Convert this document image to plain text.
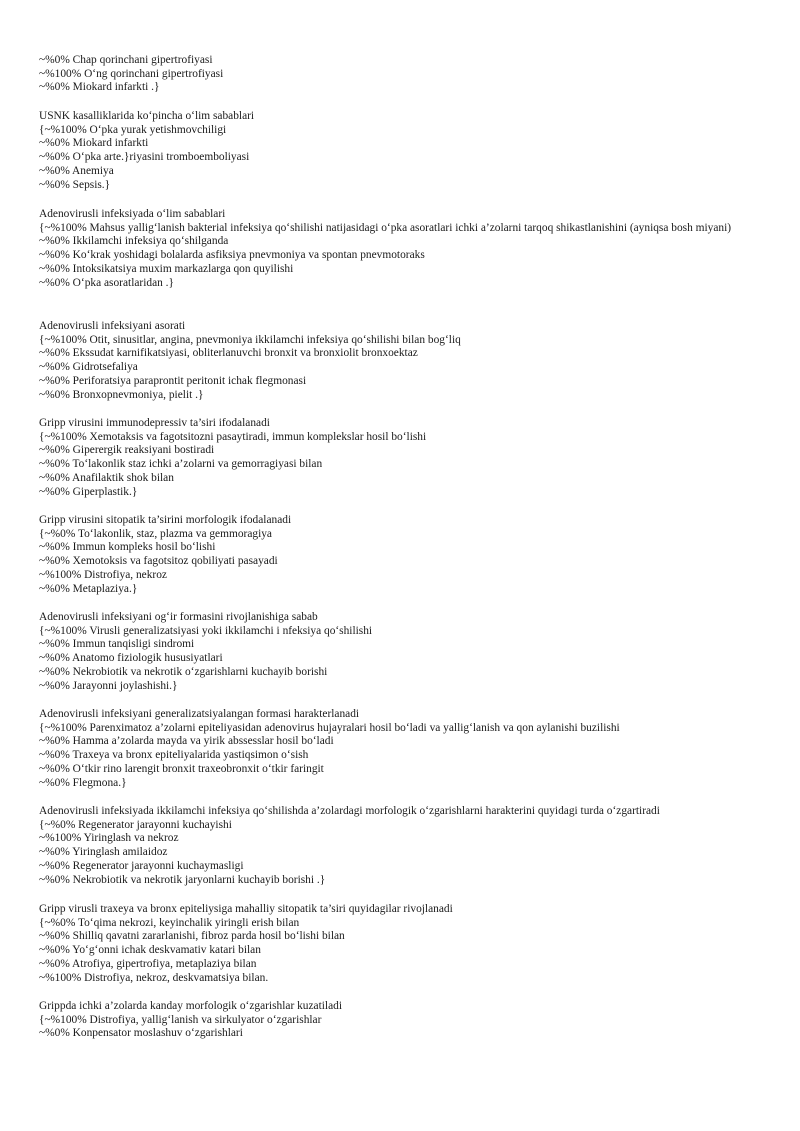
~%0% Chap qorinchani gipertrofiyasi
~%100% O‘ng qorinchani gipertrofiyasi
~%0% Miokard infarkti .}
USNK kasalliklarida ko‘pincha o‘lim sabablari
{~%100% O‘pka yurak yetishmovchiligi
~%0% Miokard infarkti
~%0% O‘pka arte.}riyasini tromboemboliyasi
~%0% Anemiya
~%0% Sepsis.}
Adenovirusli infeksiyada o‘lim sabablari
{~%100% Mahsus yallig‘lanish bakterial infeksiya qo‘shilishi natijasidagi o‘pka asoratlari ichki a’zolarni tarqoq shikastlanishini (ayniqsa bosh miyani)
~%0% Ikkilamchi infeksiya qo‘shilganda
~%0% Ko‘krak yoshidagi bolalarda asfiksiya pnevmoniya va spontan pnevmotoraks
~%0% Intoksikatsiya muxim markazlarga qon quyilishi
~%0% O‘pka asoratlaridan .}
Adenovirusli infeksiyani asorati
{~%100% Otit, sinusitlar, angina, pnevmoniya ikkilamchi infeksiya qo‘shilishi bilan bog‘liq
~%0% Ekssudat karnifikatsiyasi, obliterlanuvchi bronxit va bronxiolit bronxoektaz
~%0% Gidrotsefaliya
~%0% Periforatsiya paraprontit peritonit ichak flegmonasi
~%0% Bronxopnevmoniya, pielit .}
Gripp virusini immunodepressiv ta’siri ifodalanadi
{~%100% Xemotaksis va fagotsitozni pasaytiradi, immun komplekslar hosil bo‘lishi
~%0% Giperergik reaksiyani bostiradi
~%0% To‘lakonlik staz ichki a’zolarni va gemorragiyasi bilan
~%0% Anafilaktik shok bilan
~%0% Giperplastik.}
Gripp virusini sitopatik ta’sirini morfologik ifodalanadi
{~%0% To‘lakonlik, staz, plazma va gemmoragiya
~%0% Immun kompleks hosil bo‘lishi
~%0% Xemotoksis va fagotsitoz qobiliyati pasayadi
~%100% Distrofiya, nekroz
~%0% Metaplaziya.}
Adenovirusli infeksiyani og‘ir formasini rivojlanishiga sabab
{~%100% Virusli generalizatsiyasi yoki ikkilamchi i nfeksiya qo‘shilishi
~%0% Immun tanqisligi sindromi
~%0% Anatomo fiziologik hususiyatlari
~%0% Nekrobiotik va nekrotik o‘zgarishlarni kuchayib borishi
~%0% Jarayonni joylashishi.}
Adenovirusli infeksiyani generalizatsiyalangan formasi harakterlanadi
{~%100% Parenximatoz a’zolarni epiteliyasidan adenovirus hujayralari hosil bo‘ladi va yallig‘lanish va qon aylanishi buzilishi
~%0% Hamma a’zolarda mayda va yirik abssesslar hosil bo‘ladi
~%0% Traxeya va bronx epiteliyalarida yastiqsimon o‘sish
~%0% O‘tkir rino larengit bronxit traxeobronxit o‘tkir faringit
~%0% Flegmona.}
Adenovirusli infeksiyada ikkilamchi infeksiya qo‘shilishda a’zolardagi morfologik o‘zgarishlarni harakterini quyidagi turda o‘zgartiradi
{~%0% Regenerator jarayonni kuchayishi
~%100% Yiringlash va nekroz
~%0% Yiringlash amilaidoz
~%0% Regenerator jarayonni kuchaymasligi
~%0% Nekrobiotik va nekrotik jaryonlarni kuchayib borishi .}
Gripp virusli traxeya va bronx epiteliysiga mahalliy sitopatik ta’siri quyidagilar rivojlanadi
{~%0% To‘qima nekrozi, keyinchalik yiringli erish bilan
~%0% Shilliq qavatni zararlanishi, fibroz parda hosil bo‘lishi bilan
~%0% Yo‘g‘onni ichak deskvamativ katari bilan
~%0% Atrofiya, gipertrofiya, metaplaziya bilan
~%100% Distrofiya, nekroz, deskvamatsiya bilan.
Grippda ichki a’zolarda kanday morfologik o‘zgarishlar kuzatiladi
{~%100% Distrofiya, yallig‘lanish va sirkulyator o‘zgarishlar
~%0% Konpensator moslashuv o‘zgarishlari
